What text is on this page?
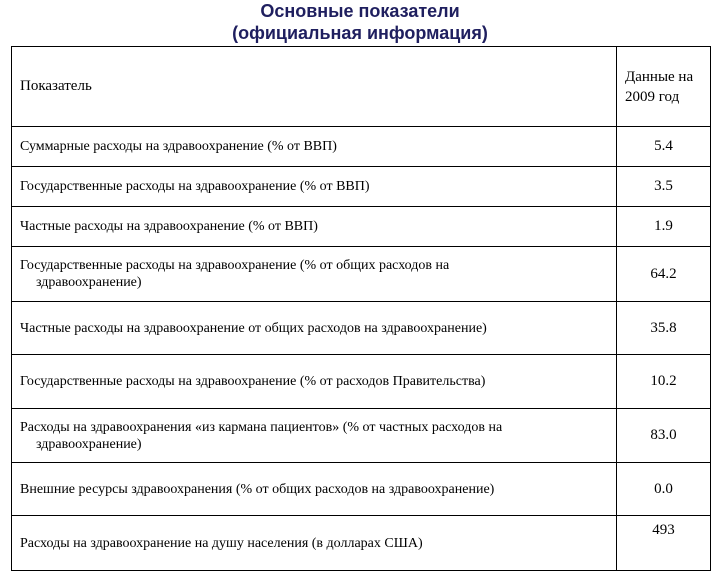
Основные показатели
(официальная информация)
Показатель	Данные на
2009 год
Суммарные расходы на здравоохранение (% от ВВП)	5.4
Государственные расходы на здравоохранение (% от ВВП)	3.5
Частные расходы на здравоохранение (% от ВВП)	1.9
Государственные расходы на здравоохранение (% от общих расходов на
здравоохранение)	64.2
Частные расходы на здравоохранение от общих расходов на здравоохранение)	35.8
Государственные расходы на здравоохранение (% от расходов Правительства)	10.2
Расходы на здравоохранения «из кармана пациентов» (% от частных расходов на
здравоохранение)	83.0
Внешние ресурсы здравоохранения (% от общих расходов на здравоохранение)	0.0
Расходы на здравоохранение на душу населения (в долларах США)	493
